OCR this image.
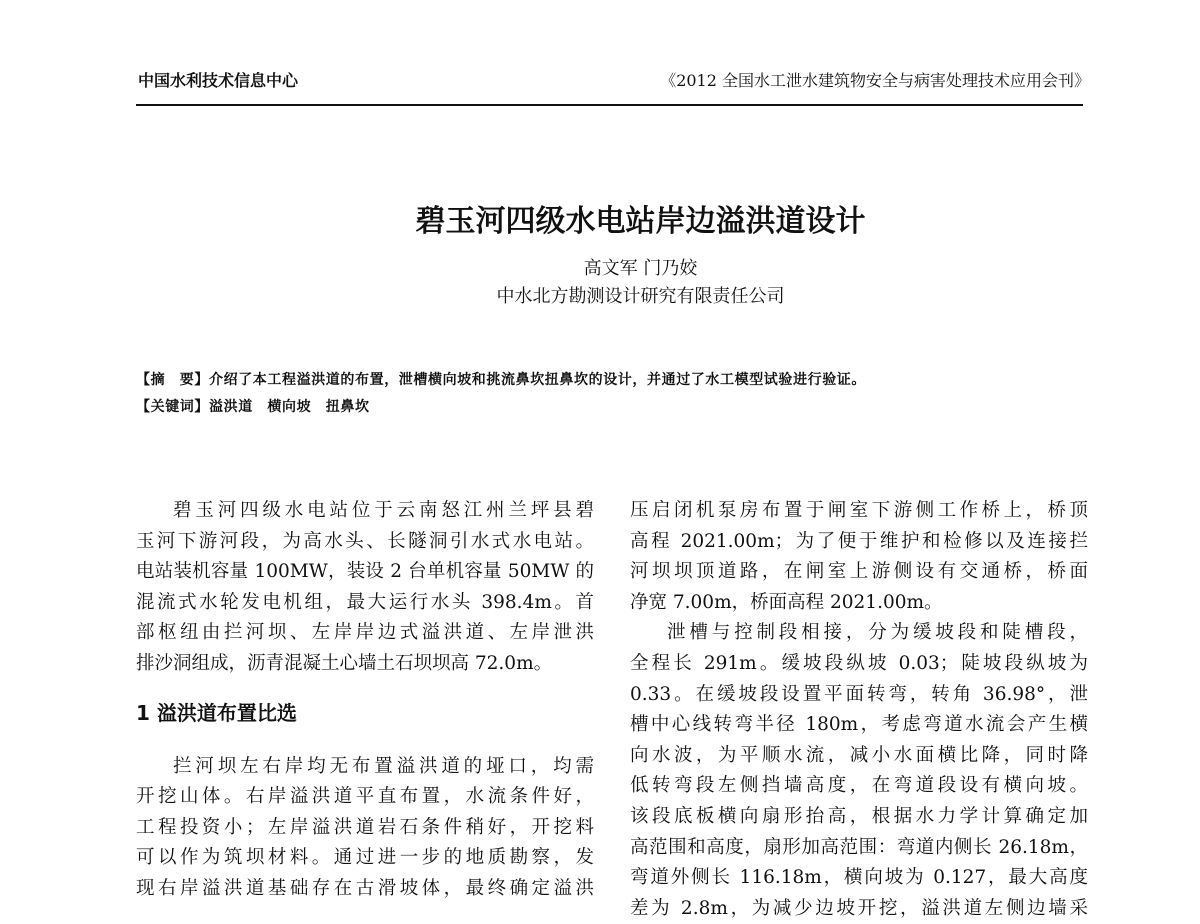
中国水利技术信息中心	《2012 全国水工泄水建筑物安全与病害处理技术应用会刊》
碧玉河四级水电站岸边溢洪道设计
高文军 门乃姣
中水北方勘测设计研究有限责任公司
【摘　要】介绍了本工程溢洪道的布置，泄槽横向坡和挑流鼻坎扭鼻坎的设计，并通过了水工模型试验进行验证。
【关键词】溢洪道　横向坡　扭鼻坎
碧玉河四级水电站位于云南怒江州兰坪县碧
玉河下游河段，为高水头、长隧洞引水式水电站。
电站装机容量 100MW，装设 2 台单机容量 50MW 的
混流式水轮发电机组，最大运行水头 398.4m。首
部枢纽由拦河坝、左岸岸边式溢洪道、左岸泄洪
排沙洞组成，沥青混凝土心墙土石坝坝高 72.0m。
1 溢洪道布置比选
拦河坝左右岸均无布置溢洪道的垭口，均需
开挖山体。右岸溢洪道平直布置，水流条件好，
工程投资小；左岸溢洪道岩石条件稍好，开挖料
可以作为筑坝材料。通过进一步的地质勘察，发
现右岸溢洪道基础存在古滑坡体，最终确定溢洪
压启闭机泵房布置于闸室下游侧工作桥上，桥顶
高程 2021.00m；为了便于维护和检修以及连接拦
河坝坝顶道路，在闸室上游侧设有交通桥，桥面
净宽 7.00m，桥面高程 2021.00m。
泄槽与控制段相接，分为缓坡段和陡槽段，
全程长 291m。缓坡段纵坡 0.03；陡坡段纵坡为
0.33。在缓坡段设置平面转弯，转角 36.98°，泄
槽中心线转弯半径 180m，考虑弯道水流会产生横
向水波，为平顺水流，减小水面横比降，同时降
低转弯段左侧挡墙高度，在弯道段设有横向坡。
该段底板横向扇形抬高，根据水力学计算确定加
高范围和高度，扇形加高范围：弯道内侧长 26.18m，
弯道外侧长 116.18m，横向坡为 0.127，最大高度
差为 2.8m，为减少边坡开挖，溢洪道左侧边墙采
